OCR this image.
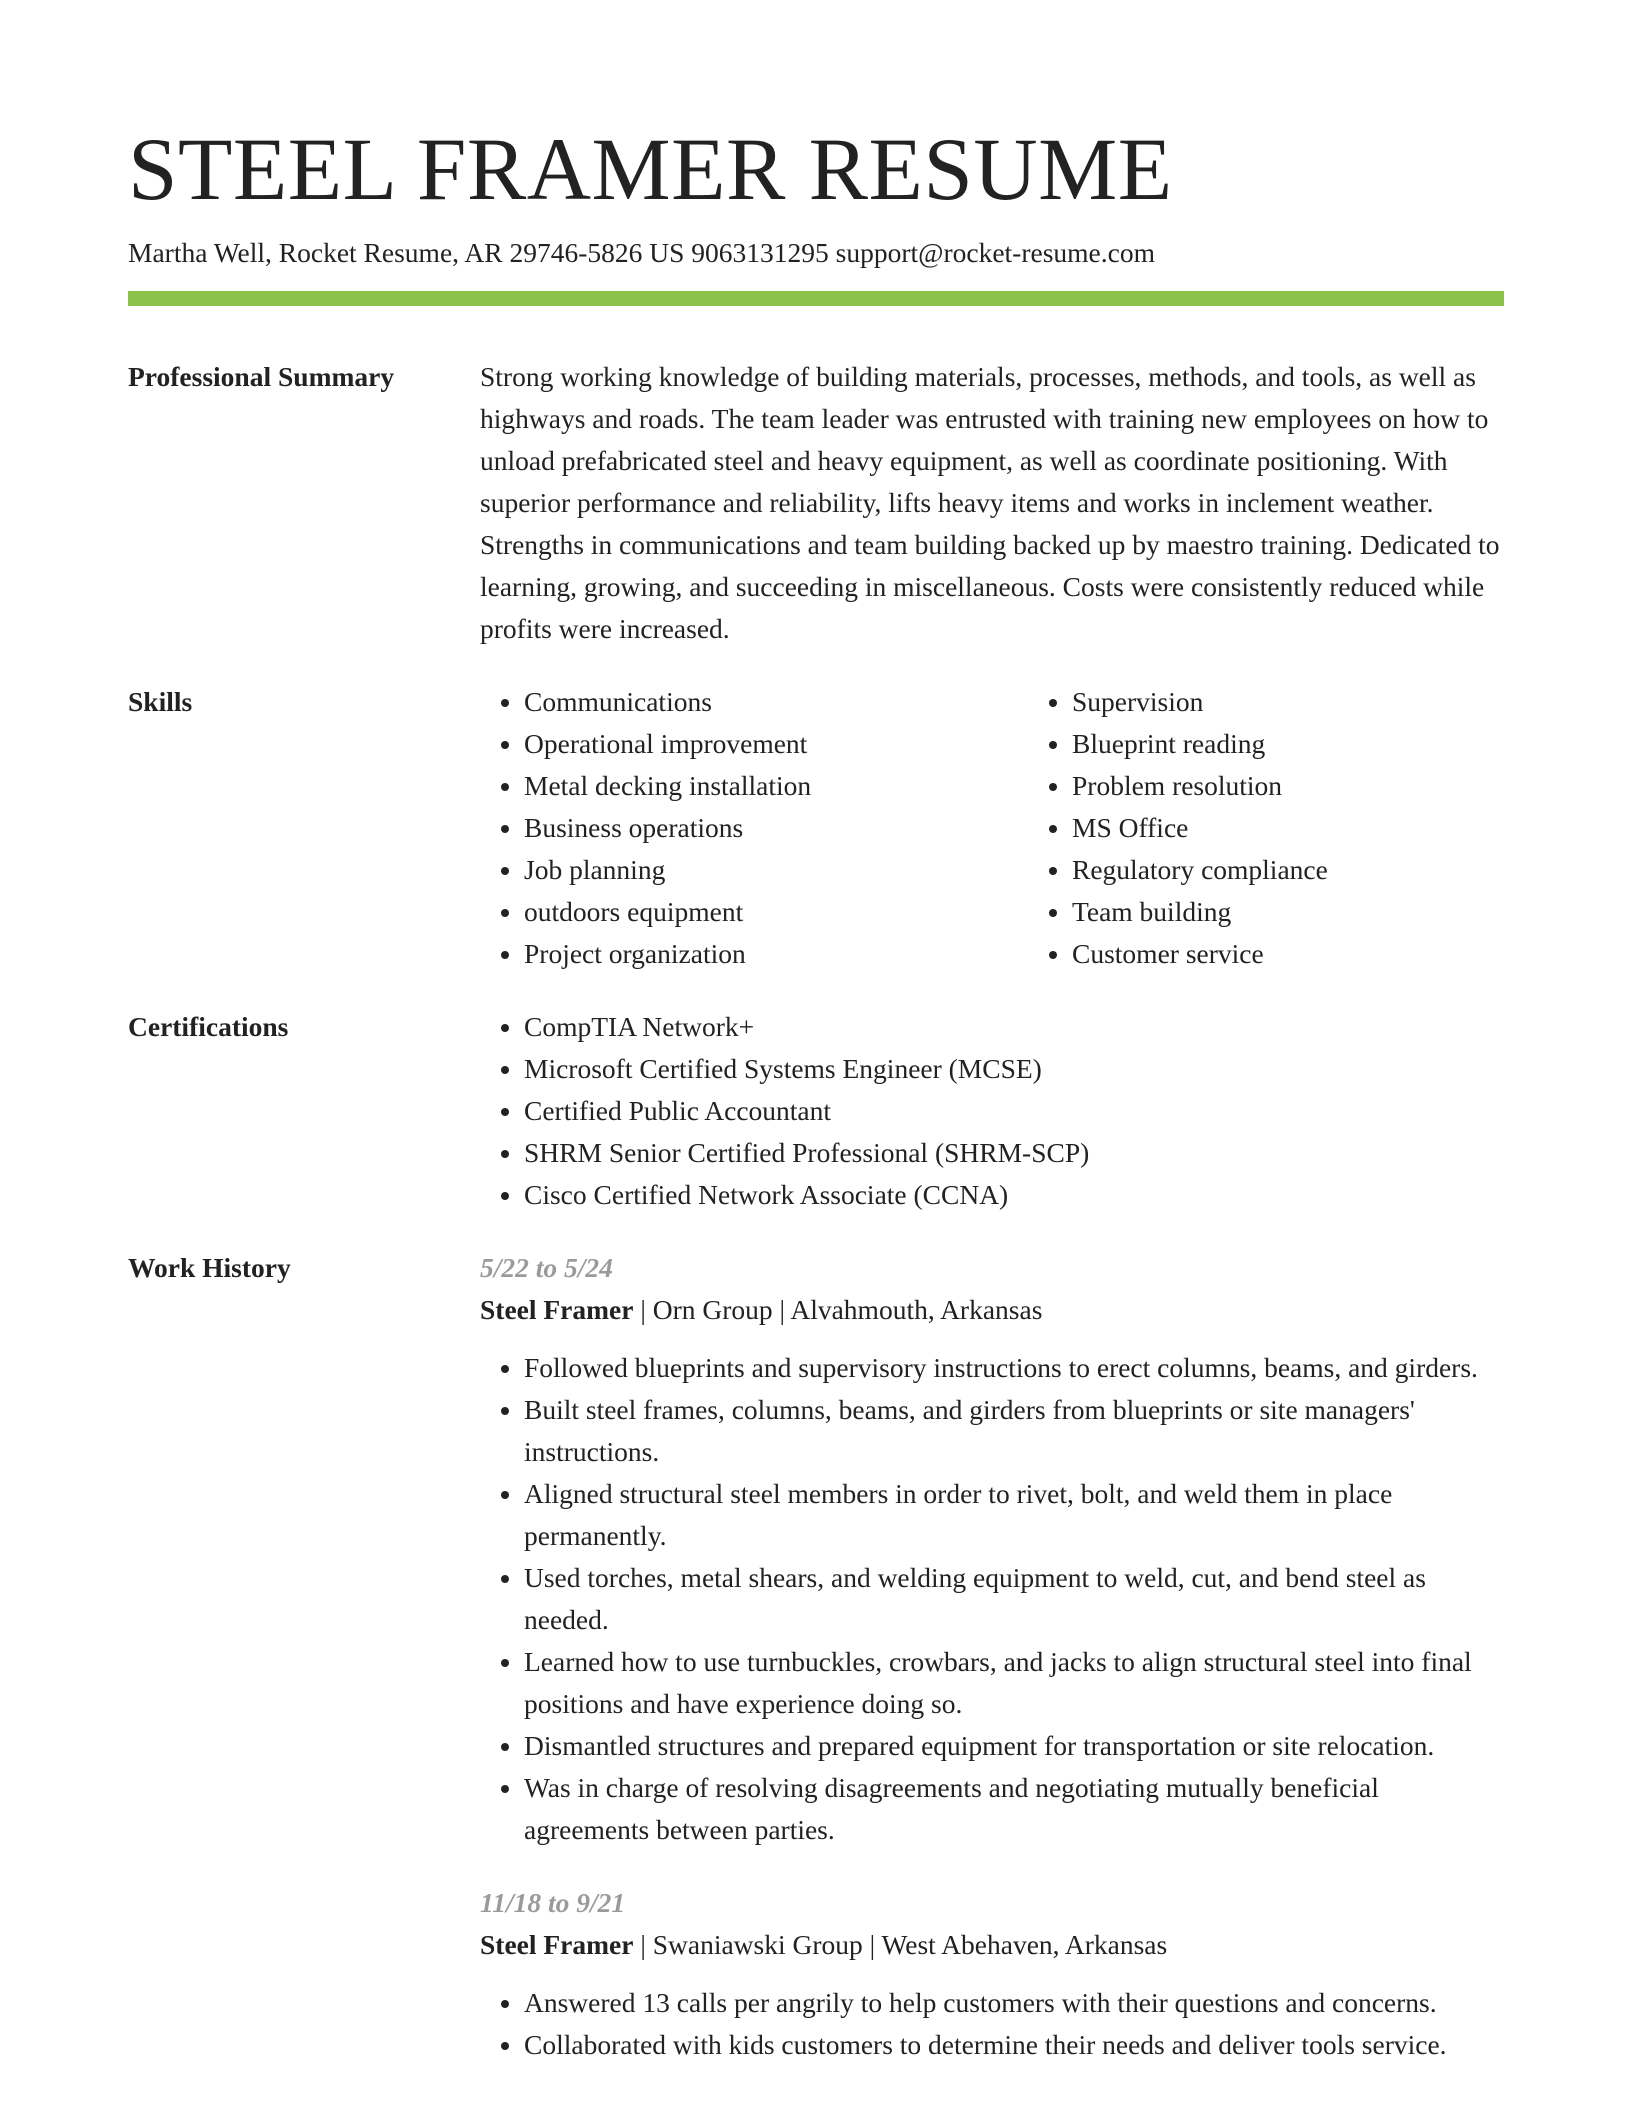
STEEL FRAMER RESUME
Martha Well, Rocket Resume, AR 29746-5826 US 9063131295 support@rocket-resume.com
Professional Summary	Strong working knowledge of building materials, processes, methods, and tools, as well as highways and roads. The team leader was entrusted with training new employees on how to unload prefabricated steel and heavy equipment, as well as coordinate positioning. With superior performance and reliability, lifts heavy items and works in inclement weather. Strengths in communications and team building backed up by maestro training. Dedicated to learning, growing, and succeeding in miscellaneous. Costs were consistently reduced while profits were increased.

Skills	• Communications
• Operational improvement
• Metal decking installation
• Business operations
• Job planning
• outdoors equipment
• Project organization
• Supervision
• Blueprint reading
• Problem resolution
• MS Office
• Regulatory compliance
• Team building
• Customer service
Certifications	• CompTIA Network+
• Microsoft Certified Systems Engineer (MCSE)
• Certified Public Accountant
• SHRM Senior Certified Professional (SHRM-SCP)
• Cisco Certified Network Associate (CCNA)
Work History	5/22 to 5/24
Steel Framer | Orn Group | Alvahmouth, Arkansas
• Followed blueprints and supervisory instructions to erect columns, beams, and girders.
• Built steel frames, columns, beams, and girders from blueprints or site managers' instructions.
• Aligned structural steel members in order to rivet, bolt, and weld them in place permanently.
• Used torches, metal shears, and welding equipment to weld, cut, and bend steel as needed.
• Learned how to use turnbuckles, crowbars, and jacks to align structural steel into final positions and have experience doing so.
• Dismantled structures and prepared equipment for transportation or site relocation.
• Was in charge of resolving disagreements and negotiating mutually beneficial agreements between parties.
11/18 to 9/21
Steel Framer | Swaniawski Group | West Abehaven, Arkansas
• Answered 13 calls per angrily to help customers with their questions and concerns.
• Collaborated with kids customers to determine their needs and deliver tools service.
